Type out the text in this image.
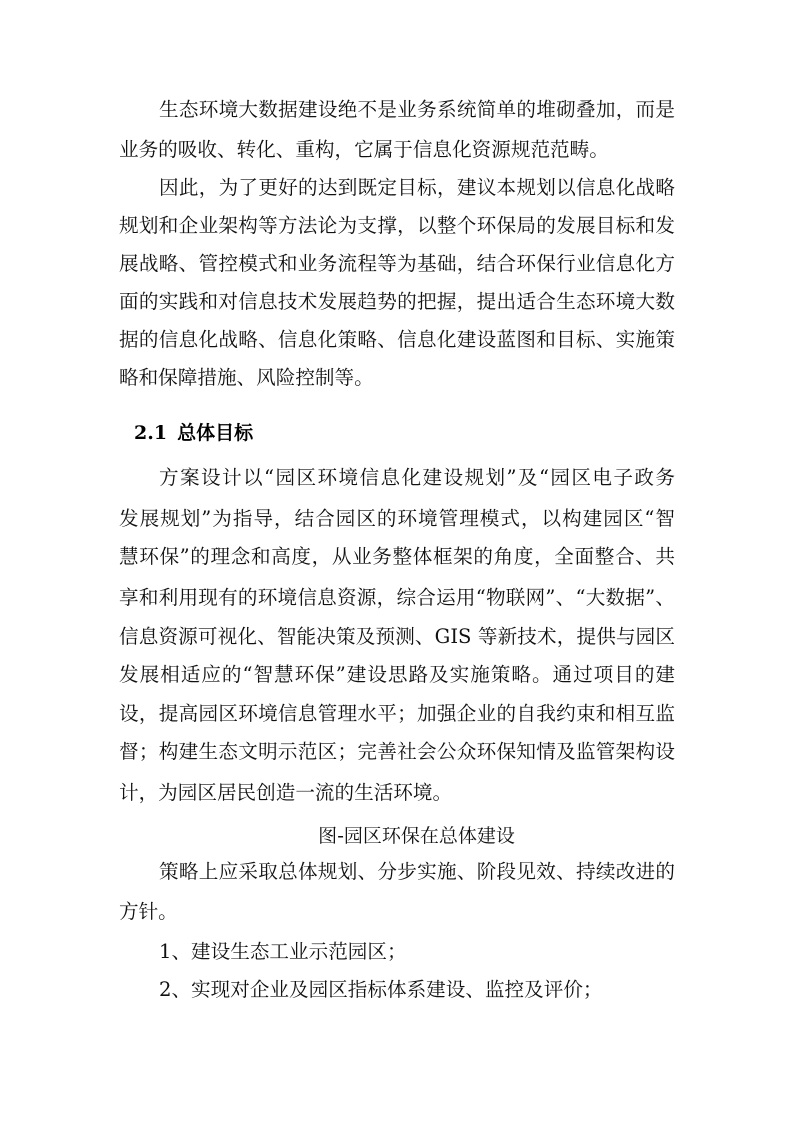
生态环境大数据建设绝不是业务系统简单的堆砌叠加，而是
业务的吸收、转化、重构，它属于信息化资源规范范畴。
因此，为了更好的达到既定目标，建议本规划以信息化战略
规划和企业架构等方法论为支撑，以整个环保局的发展目标和发
展战略、管控模式和业务流程等为基础，结合环保行业信息化方
面的实践和对信息技术发展趋势的把握，提出适合生态环境大数
据的信息化战略、信息化策略、信息化建设蓝图和目标、实施策
略和保障措施、风险控制等。
2.1 总体目标
方案设计以“园区环境信息化建设规划”及“园区电子政务
发展规划”为指导，结合园区的环境管理模式，以构建园区“智
慧环保”的理念和高度，从业务整体框架的角度，全面整合、共
享和利用现有的环境信息资源，综合运用“物联网”、“大数据”、
信息资源可视化、智能决策及预测、GIS 等新技术，提供与园区
发展相适应的“智慧环保”建设思路及实施策略。通过项目的建
设，提高园区环境信息管理水平；加强企业的自我约束和相互监
督；构建生态文明示范区；完善社会公众环保知情及监管架构设
计，为园区居民创造一流的生活环境。
图-园区环保在总体建设
策略上应采取总体规划、分步实施、阶段见效、持续改进的
方针。
1、建设生态工业示范园区；
2、实现对企业及园区指标体系建设、监控及评价；
